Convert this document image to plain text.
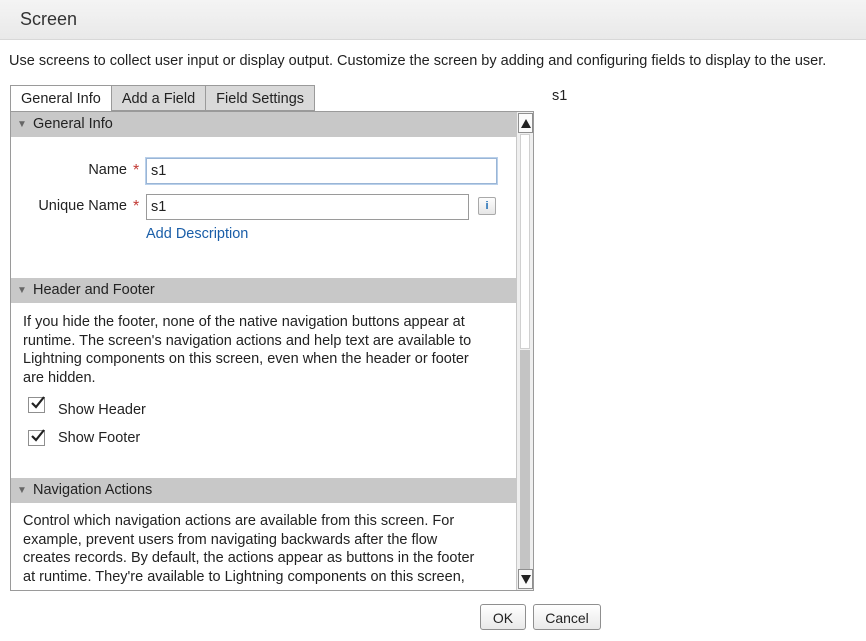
Screen
Use screens to collect user input or display output. Customize the screen by adding and configuring fields to display to the user.
General Info	Add a Field	Field Settings
▼ General Info
Name *
s1
Unique Name *
s1	i
Add Description
▼ Header and Footer
If you hide the footer, none of the native navigation buttons appear at
runtime. The screen's navigation actions and help text are available to
Lightning components on this screen, even when the header or footer
are hidden.
Show Header
Show Footer
▼ Navigation Actions
Control which navigation actions are available from this screen. For
example, prevent users from navigating backwards after the flow
creates records. By default, the actions appear as buttons in the footer
at runtime. They're available to Lightning components on this screen,
s1
OK	Cancel
